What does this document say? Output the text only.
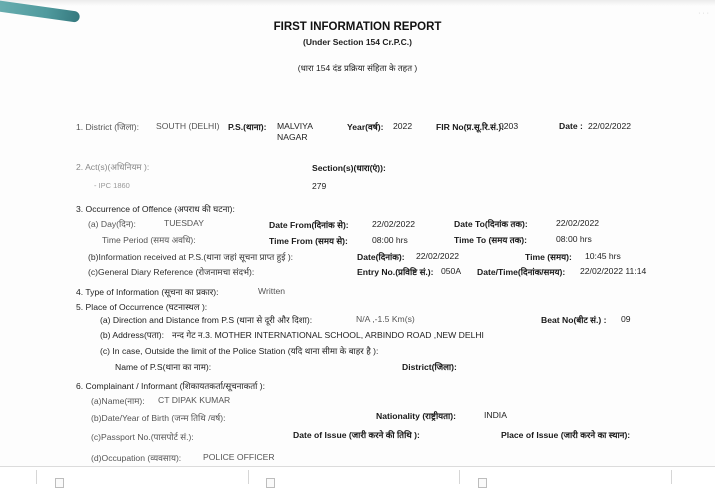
· · ·
FIRST INFORMATION REPORT
(Under Section 154 Cr.P.C.)
(धारा 154 दंड प्रक्रिया संहिता के तहत )
1. District (जिला): SOUTH (DELHI) P.S.(थाना): MALVIYA
NAGAR
Year(वर्ष): 2022	FIR No(प्र.सू.रि.सं.):
0203	Date : 22/02/2022
2. Act(s)(अधिनियम ):	Section(s)(धारा(एं)):
- IPC 1860	279
3. Occurrence of Offence (अपराध की घटना):
(a) Day(दिन):	TUESDAY	Date From(दिनांक से):	22/02/2022	Date To(दिनांक तक):	22/02/2022
Time Period (समय अवधि):	Time From (समय से):	08:00 hrs	Time To (समय तक):	08:00 hrs
(b)Information received at P.S.(थाना जहां सूचना प्राप्त हुई ):	Date(दिनांक): 22/02/2022	Time (समय): 10:45 hrs
(c)General Diary Reference (रोजनामचा संदर्भ):	Entry No.(प्रविष्टि सं.): 050A Date/Time(दिनांक/समय): 22/02/2022 11:14
4. Type of Information (सूचना का प्रकार):	Written
5. Place of Occurrence (घटनास्थल ):
(a) Direction and Distance from P.S (थाना से दूरी और दिशा):	N/A ,-1.5 Km(s)	Beat No(बीट सं.) : 09
(b) Address(पता): नन्द गेट न.3. MOTHER INTERNATIONAL SCHOOL, ARBINDO ROAD ,NEW DELHI
(c) In case, Outside the limit of the Police Station (यदि थाना सीमा के बाहर है ):
Name of P.S(थाना का नाम):	District(जिला):
6. Complainant / Informant (शिकायतकर्ता/सूचनाकर्ता ):
(a)Name(नाम): CT DIPAK KUMAR
(b)Date/Year of Birth (जन्म तिथि /वर्ष):	Nationality (राष्ट्रीयता):	INDIA
(c)Passport No.(पासपोर्ट सं.):	Date of Issue (जारी करने की तिथि ):	Place of Issue (जारी करने का स्थान):
(d)Occupation (व्यवसाय):	POLICE OFFICER
